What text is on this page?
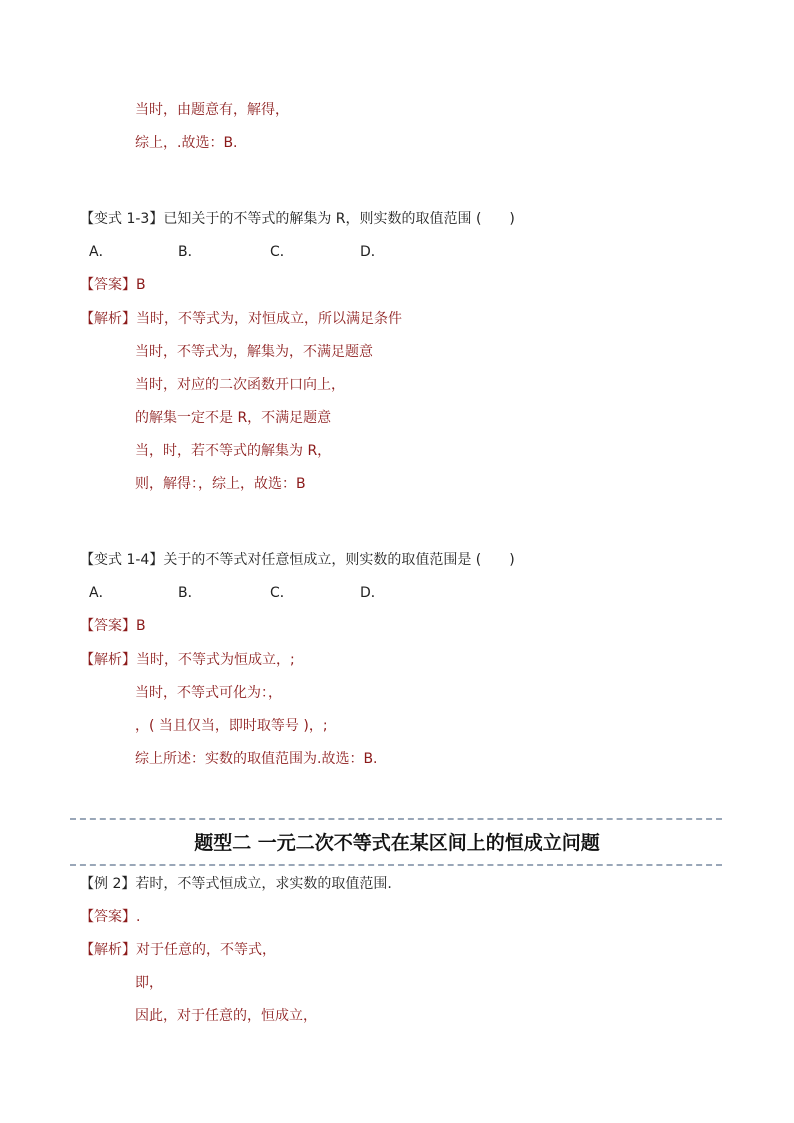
当时，由题意有，解得，
综上，.故选：B.
【变式 1-3】已知关于的不等式的解集为 R，则实数的取值范围 (　　)
A．	B．	C．	D．
【答案】B
【解析】当时，不等式为，对恒成立，所以满足条件
当时，不等式为，解集为，不满足题意
当时，对应的二次函数开口向上，
的解集一定不是 R，不满足题意
当，时，若不等式的解集为 R，
则，解得：，综上，故选：B
【变式 1-4】关于的不等式对任意恒成立，则实数的取值范围是 (　　)
A．	B．	C．	D．
【答案】B
【解析】当时，不等式为恒成立，;
当时，不等式可化为：，
，( 当且仅当，即时取等号 )，;
综上所述：实数的取值范围为.故选：B.
题型二 一元二次不等式在某区间上的恒成立问题
【例 2】若时，不等式恒成立，求实数的取值范围.
【答案】.
【解析】对于任意的，不等式，
即，
因此，对于任意的，恒成立，
